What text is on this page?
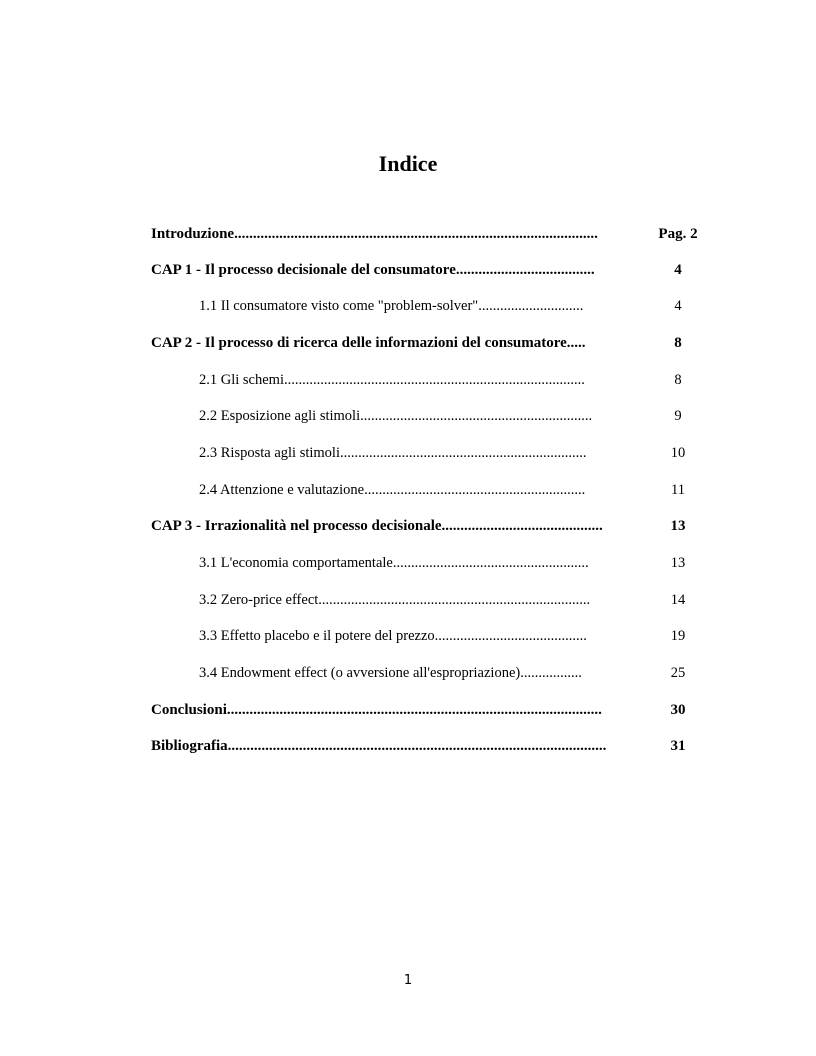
Indice
Introduzione.................................................................................................	Pag. 2
CAP 1 - Il processo decisionale del consumatore.....................................	4
1.1 Il consumatore visto come "problem-solver".............................	4
CAP 2 - Il processo di ricerca delle informazioni del consumatore.....	8
2.1 Gli schemi...................................................................................	8
2.2 Esposizione agli stimoli................................................................	9
2.3 Risposta agli stimoli....................................................................	10
2.4 Attenzione e valutazione.............................................................	11
CAP 3 - Irrazionalità nel processo decisionale...........................................	13
3.1 L'economia comportamentale......................................................	13
3.2 Zero-price effect...........................................................................	14
3.3 Effetto placebo e il potere del prezzo..........................................	19
3.4 Endowment effect (o avversione all'espropriazione).................	25
Conclusioni....................................................................................................	30
Bibliografia.....................................................................................................	31
1
